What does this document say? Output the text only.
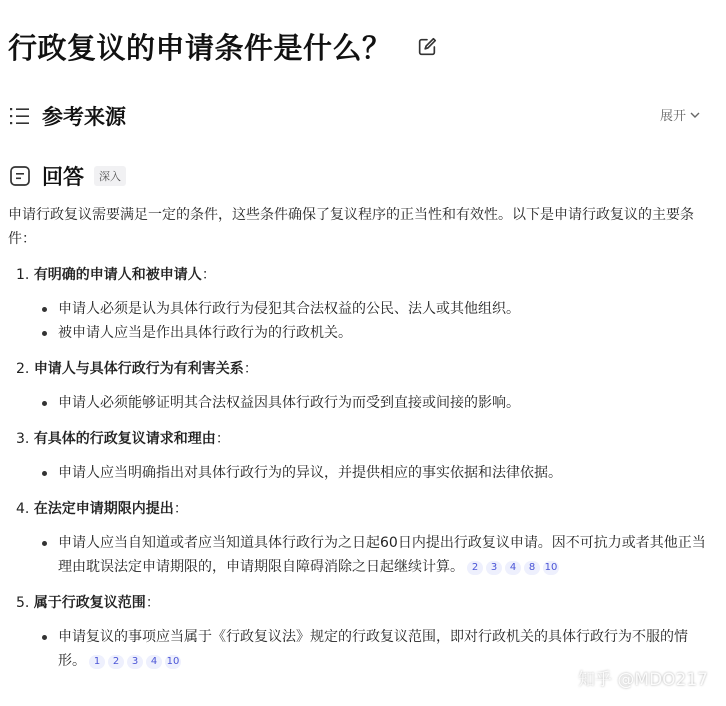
行政复议的申请条件是什么？
参考来源	展开
回答	深入

申请行政复议需要满足一定的条件，这些条件确保了复议程序的正当性和有效性。以下是申请行政复议的主要条件：

1. 有明确的申请人和被申请人：

申请人必须是认为具体行政行为侵犯其合法权益的公民、法人或其他组织。
被申请人应当是作出具体行政行为的行政机关。

2. 申请人与具体行政行为有利害关系：

申请人必须能够证明其合法权益因具体行政行为而受到直接或间接的影响。

3. 有具体的行政复议请求和理由：

申请人应当明确指出对具体行政行为的异议，并提供相应的事实依据和法律依据。

4. 在法定申请期限内提出：

申请人应当自知道或者应当知道具体行政行为之日起60日内提出行政复议申请。因不可抗力或者其他正当理由耽误法定申请期限的，申请期限自障碍消除之日起继续计算。 2 3 4 8 10

5. 属于行政复议范围：

申请复议的事项应当属于《行政复议法》规定的行政复议范围，即对行政机关的具体行政行为不服的情形。 1 2 3 4 10
知乎 @MDO217
